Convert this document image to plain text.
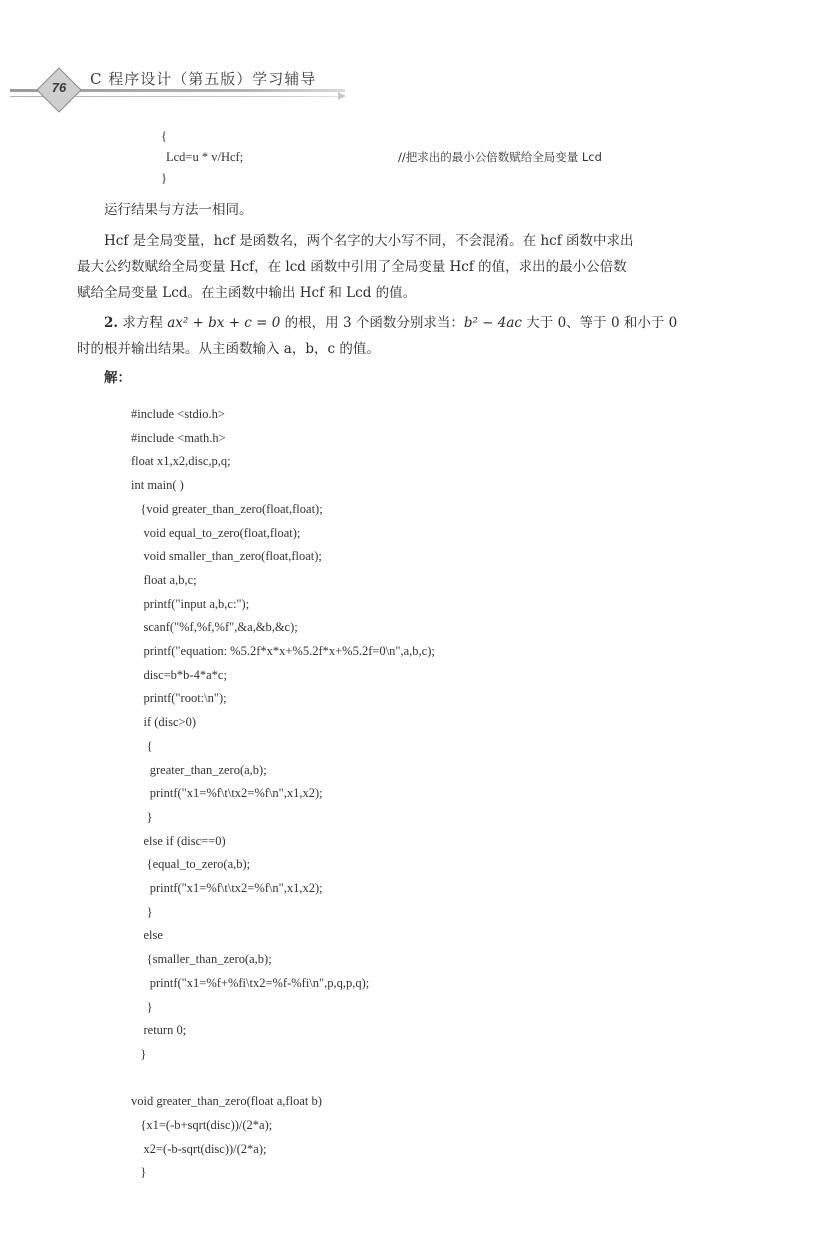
76	C 程序设计（第五版）学习辅导
{
Lcd=u * v/Hcf;	//把求出的最小公倍数赋给全局变量 Lcd
}
运行结果与方法一相同。
Hcf 是全局变量，hcf 是函数名，两个名字的大小写不同，不会混淆。在 hcf 函数中求出
最大公约数赋给全局变量 Hcf，在 lcd 函数中引用了全局变量 Hcf 的值，求出的最小公倍数
赋给全局变量 Lcd。在主函数中输出 Hcf 和 Lcd 的值。
2. 求方程 ax² + bx + c = 0 的根，用 3 个函数分别求当：b² − 4ac 大于 0、等于 0 和小于 0
时的根并输出结果。从主函数输入 a，b，c 的值。
解：
#include <stdio.h>
#include <math.h>
float x1,x2,disc,p,q;
int main( )
{void greater_than_zero(float,float);
void equal_to_zero(float,float);
void smaller_than_zero(float,float);
float a,b,c;
printf("input a,b,c:");
scanf("%f,%f,%f",&a,&b,&c);
printf("equation: %5.2f*x*x+%5.2f*x+%5.2f=0\n",a,b,c);
disc=b*b-4*a*c;
printf("root:\n");
if (disc>0)
{
greater_than_zero(a,b);
printf("x1=%f\t\tx2=%f\n",x1,x2);
}
else if (disc==0)
{equal_to_zero(a,b);
printf("x1=%f\t\tx2=%f\n",x1,x2);
}
else
{smaller_than_zero(a,b);
printf("x1=%f+%fi\tx2=%f-%fi\n",p,q,p,q);
}
return 0;
}
void greater_than_zero(float a,float b)
{x1=(-b+sqrt(disc))/(2*a);
x2=(-b-sqrt(disc))/(2*a);
}
